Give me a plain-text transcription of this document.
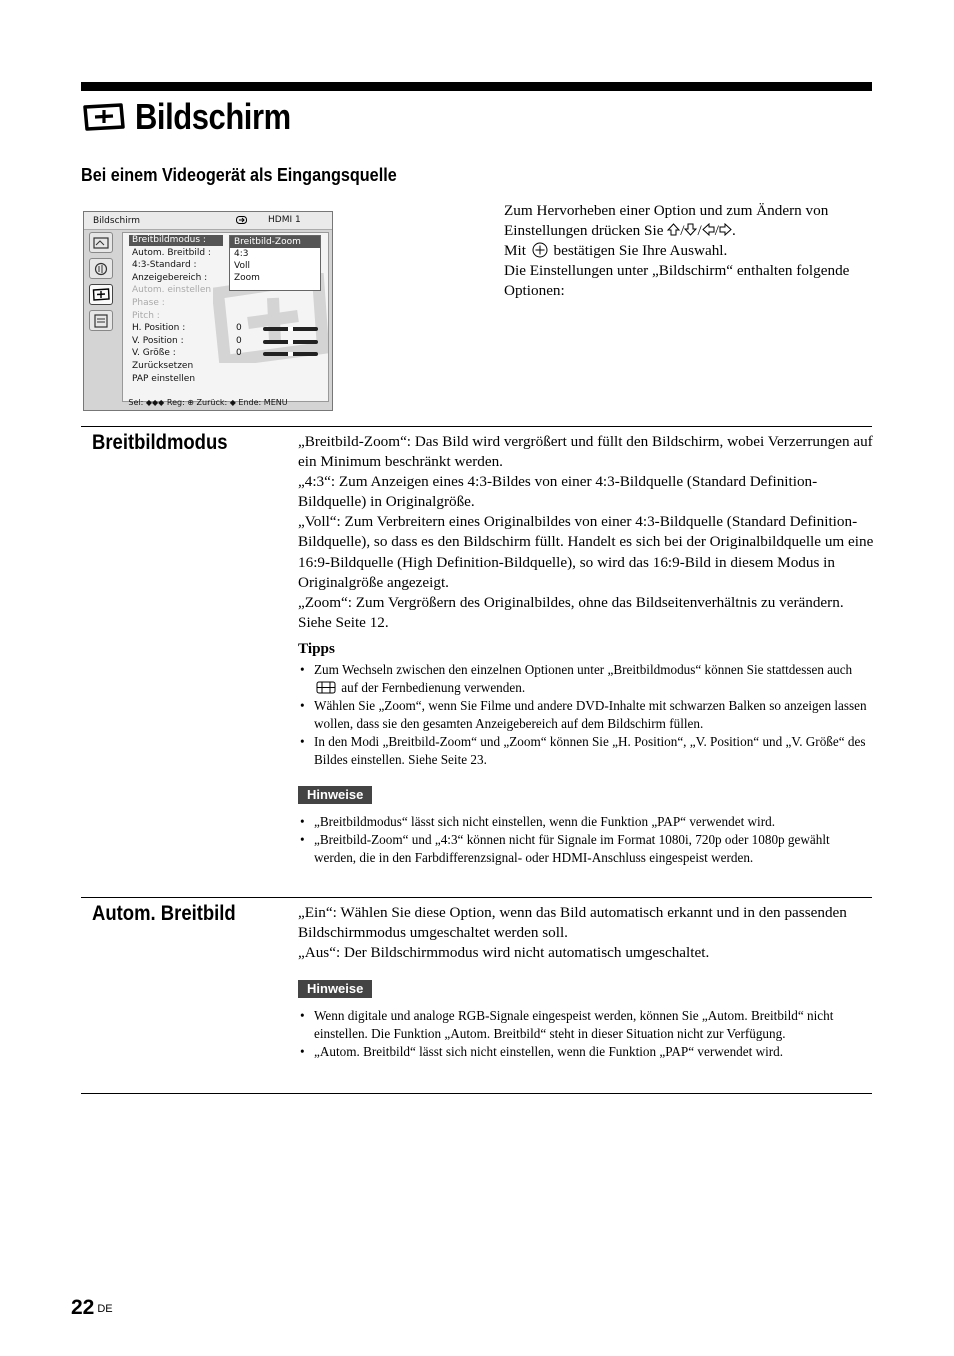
Bildschirm
Bei einem Videogerät als Eingangsquelle
Bildschirm	HDMI 1
Breitbildmodus :
Autom. Breitbild :
4:3-Standard :
Anzeigebereich :
Autom. einstellen
Phase :
Pitch :
H. Position :
V. Position :
V. Größe :
Zurücksetzen
PAP einstellen
0
0
0
Breitbild-Zoom
4:3
Voll
Zoom
Sel: ◆◆◆ Reg: ⊕ Zurück: ◆ Ende: MENU

Zum Hervorheben einer Option und zum Ändern von Einstellungen drücken Sie / / / .

Mit bestätigen Sie Ihre Auswahl.

Die Einstellungen unter „Bildschirm“ enthalten folgende Optionen:

Breitbildmodus	„Breitbild-Zoom“: Das Bild wird vergrößert und füllt den Bildschirm, wobei Verzerrungen auf ein Minimum beschränkt werden.

„4:3“: Zum Anzeigen eines 4:3-Bildes von einer 4:3-Bildquelle (Standard Definition-Bildquelle) in Originalgröße.

„Voll“: Zum Verbreitern eines Originalbildes von einer 4:3-Bildquelle (Standard Definition-Bildquelle), so dass es den Bildschirm füllt. Handelt es sich bei der Originalbildquelle um eine 16:9-Bildquelle (High Definition-Bildquelle), so wird das 16:9-Bild in diesem Modus in Originalgröße angezeigt.

„Zoom“: Zum Vergrößern des Originalbildes, ohne das Bildseitenverhältnis zu verändern.

Siehe Seite 12.

Tipps

• Zum Wechseln zwischen den einzelnen Optionen unter „Breitbildmodus“ können Sie stattdessen auch  auf der Fernbedienung verwenden.
• Wählen Sie „Zoom“, wenn Sie Filme und andere DVD-Inhalte mit schwarzen Balken so anzeigen lassen wollen, dass sie den gesamten Anzeigebereich auf dem Bildschirm füllen.
• In den Modi „Breitbild-Zoom“ und „Zoom“ können Sie „H. Position“, „V. Position“ und „V. Größe“ des Bildes einstellen. Siehe Seite 23.
Hinweise
• „Breitbildmodus“ lässt sich nicht einstellen, wenn die Funktion „PAP“ verwendet wird.
• „Breitbild-Zoom“ und „4:3“ können nicht für Signale im Format 1080i, 720p oder 1080p gewählt werden, die in den Farbdifferenzsignal- oder HDMI-Anschluss eingespeist werden.
Autom. Breitbild	„Ein“: Wählen Sie diese Option, wenn das Bild automatisch erkannt und in den passenden Bildschirmmodus umgeschaltet werden soll.

„Aus“: Der Bildschirmmodus wird nicht automatisch umgeschaltet.

Hinweise
• Wenn digitale und analoge RGB-Signale eingespeist werden, können Sie „Autom. Breitbild“ nicht einstellen. Die Funktion „Autom. Breitbild“ steht in dieser Situation nicht zur Verfügung.
• „Autom. Breitbild“ lässt sich nicht einstellen, wenn die Funktion „PAP“ verwendet wird.
22 DE
